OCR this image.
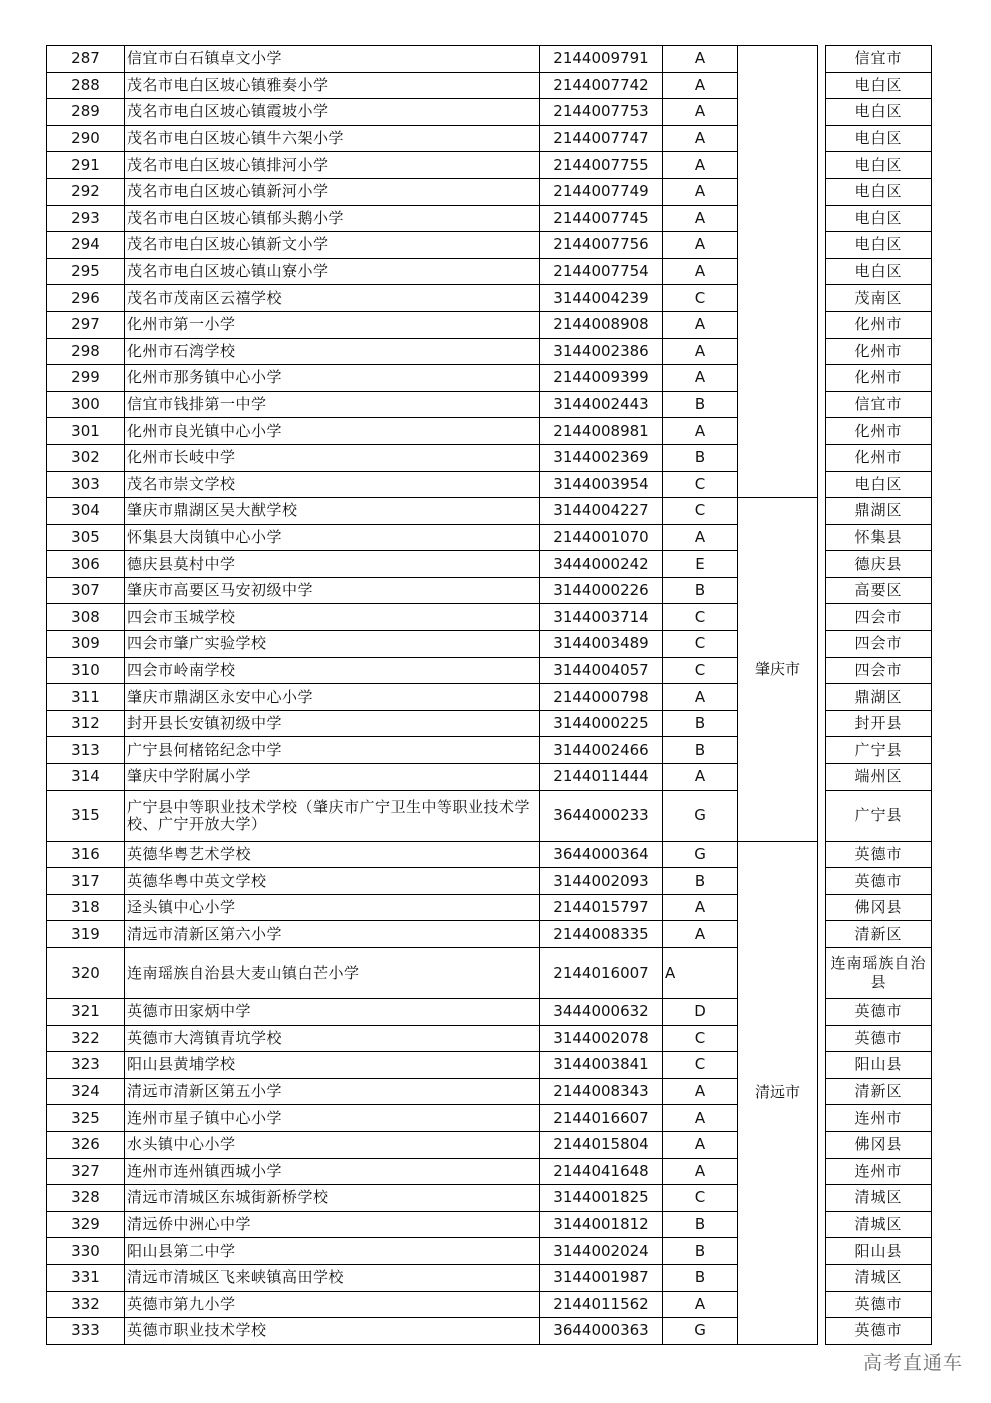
287	信宜市白石镇卓文小学	2144009791	A			信宜市
288	茂名市电白区坡心镇雅奏小学	2144007742	A			电白区
289	茂名市电白区坡心镇霞坡小学	2144007753	A			电白区
290	茂名市电白区坡心镇牛六架小学	2144007747	A			电白区
291	茂名市电白区坡心镇排河小学	2144007755	A			电白区
292	茂名市电白区坡心镇新河小学	2144007749	A			电白区
293	茂名市电白区坡心镇郁头鹅小学	2144007745	A			电白区
294	茂名市电白区坡心镇新文小学	2144007756	A			电白区
295	茂名市电白区坡心镇山寮小学	2144007754	A			电白区
296	茂名市茂南区云禧学校	3144004239	C			茂南区
297	化州市第一小学	2144008908	A			化州市
298	化州市石湾学校	3144002386	A			化州市
299	化州市那务镇中心小学	2144009399	A			化州市
300	信宜市钱排第一中学	3144002443	B			信宜市
301	化州市良光镇中心小学	2144008981	A			化州市
302	化州市长岐中学	3144002369	B			化州市
303	茂名市崇文学校	3144003954	C			电白区
304	肇庆市鼎湖区吴大猷学校	3144004227	C	肇庆市		鼎湖区
305	怀集县大岗镇中心小学	2144001070	A			怀集县
306	德庆县莫村中学	3444000242	E			德庆县
307	肇庆市高要区马安初级中学	3144000226	B			高要区
308	四会市玉城学校	3144003714	C			四会市
309	四会市肇广实验学校	3144003489	C			四会市
310	四会市岭南学校	3144004057	C			四会市
311	肇庆市鼎湖区永安中心小学	2144000798	A			鼎湖区
312	封开县长安镇初级中学	3144000225	B			封开县
313	广宁县何楮铭纪念中学	3144002466	B			广宁县
314	肇庆中学附属小学	2144011444	A			端州区
315	广宁县中等职业技术学校（肇庆市广宁卫生中等职业技术学校、广宁开放大学）	3644000233	G			广宁县
316	英德华粤艺术学校	3644000364	G	清远市		英德市
317	英德华粤中英文学校	3144002093	B			英德市
318	迳头镇中心小学	2144015797	A			佛冈县
319	清远市清新区第六小学	2144008335	A			清新区
320	连南瑶族自治县大麦山镇白芒小学	2144016007	A			连南瑶族自治县
321	英德市田家炳中学	3444000632	D			英德市
322	英德市大湾镇青坑学校	3144002078	C			英德市
323	阳山县黄埔学校	3144003841	C			阳山县
324	清远市清新区第五小学	2144008343	A			清新区
325	连州市星子镇中心小学	2144016607	A			连州市
326	水头镇中心小学	2144015804	A			佛冈县
327	连州市连州镇西城小学	2144041648	A			连州市
328	清远市清城区东城街新桥学校	3144001825	C			清城区
329	清远侨中洲心中学	3144001812	B			清城区
330	阳山县第二中学	3144002024	B			阳山县
331	清远市清城区飞来峡镇高田学校	3144001987	B			清城区
332	英德市第九小学	2144011562	A			英德市
333	英德市职业技术学校	3644000363	G			英德市
高考直通车
